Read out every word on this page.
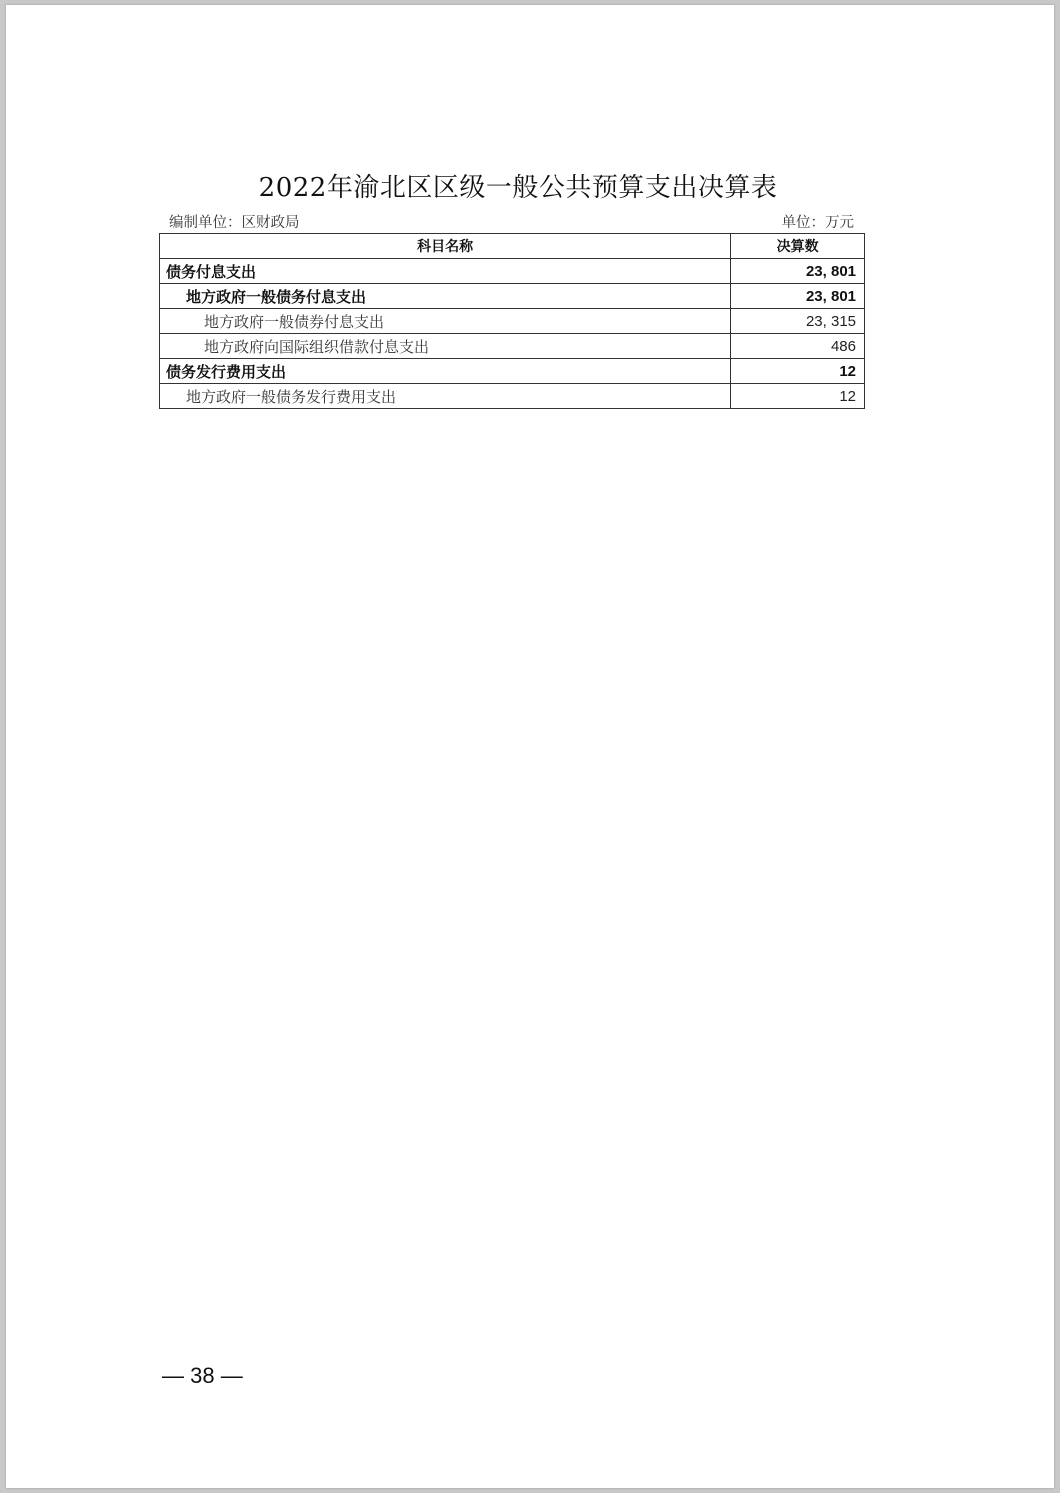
2022年渝北区区级一般公共预算支出决算表
编制单位：区财政局	单位：万元
科目名称	决算数
债务付息支出	23, 801
地方政府一般债务付息支出	23, 801
地方政府一般债券付息支出	23, 315
地方政府向国际组织借款付息支出	486
债务发行费用支出	12
地方政府一般债务发行费用支出	12
— 38 —
